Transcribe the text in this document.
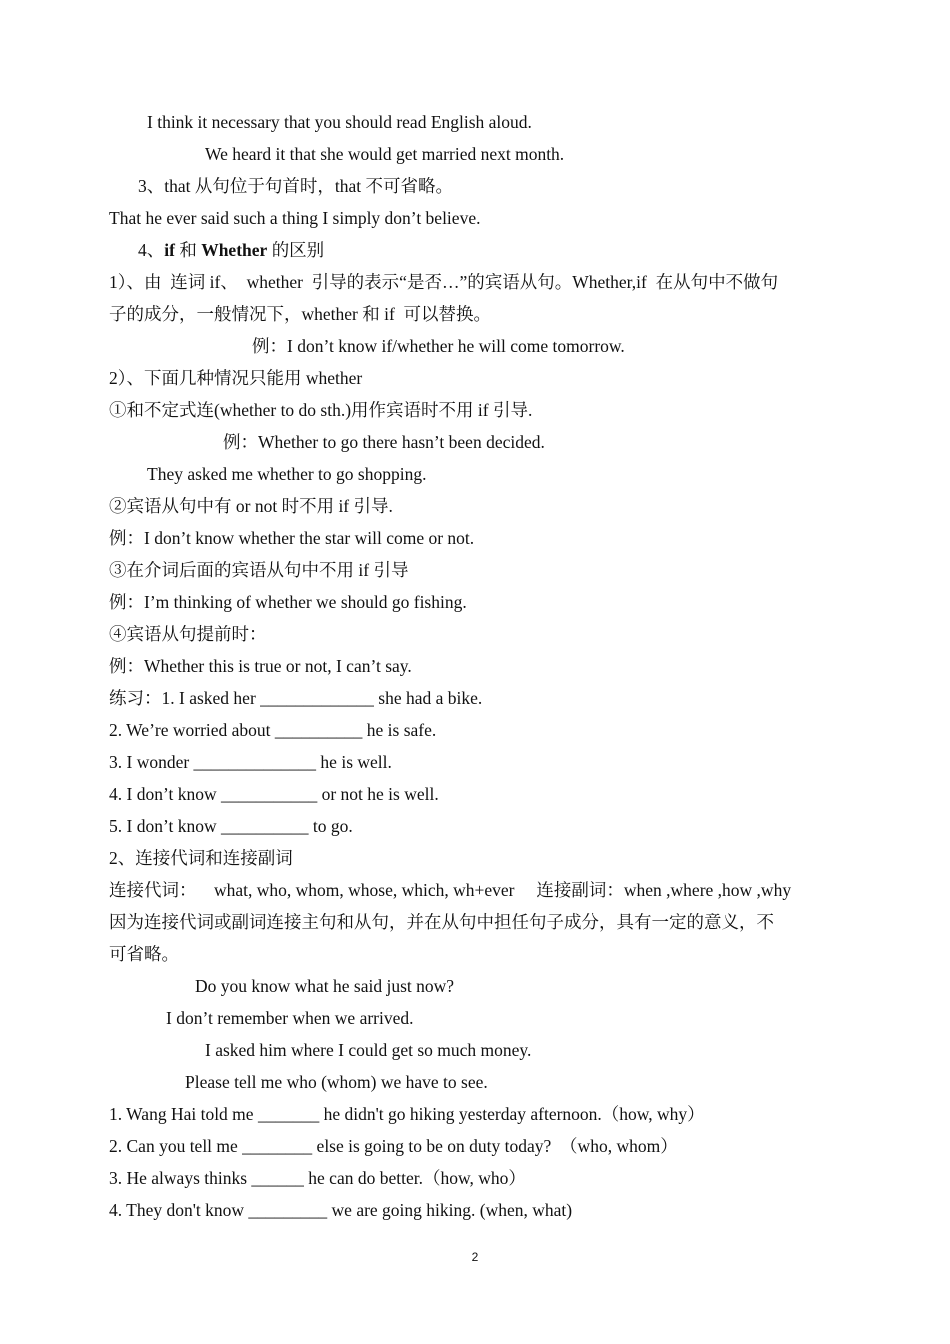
I think it necessary that you should read English aloud.
We heard it that she would get married next month.
3、that 从句位于句首时，that 不可省略。
That he ever said such a thing I simply don’t believe.
4、if 和 Whether 的区别
1）、由  连词 if、  whether  引导的表示“是否…”的宾语从句。Whether,if  在从句中不做句
子的成分，一般情况下，whether 和 if  可以替换。
例：I don’t know if/whether he will come tomorrow.
2）、下面几种情况只能用 whether
①和不定式连(whether to do sth.)用作宾语时不用 if 引导.
例：Whether to go there hasn’t been decided.
They asked me whether to go shopping.
②宾语从句中有 or not 时不用 if 引导.
例：I don’t know whether the star will come or not.
③在介词后面的宾语从句中不用 if 引导
例：I’m thinking of whether we should go fishing.
④宾语从句提前时：
例：Whether this is true or not, I can’t say.
练习：1. I asked her _____________ she had a bike.
2. We’re worried about __________ he is safe.
3. I wonder ______________ he is well.
4. I don’t know ___________ or not he is well.
5. I don’t know __________ to go.
2、连接代词和连接副词
连接代词：    what, who, whom, whose, which, wh+ever     连接副词：when ,where ,how ,why
因为连接代词或副词连接主句和从句，并在从句中担任句子成分，具有一定的意义，不
可省略。
Do you know what he said just now?
I don’t remember when we arrived.
I asked him where I could get so much money.
Please tell me who (whom) we have to see.
1. Wang Hai told me _______ he didn't go hiking yesterday afternoon.（how, why）
2. Can you tell me ________ else is going to be on duty today?  （who, whom）
3. He always thinks ______ he can do better.（how, who）
4. They don't know _________ we are going hiking. (when, what)
2
